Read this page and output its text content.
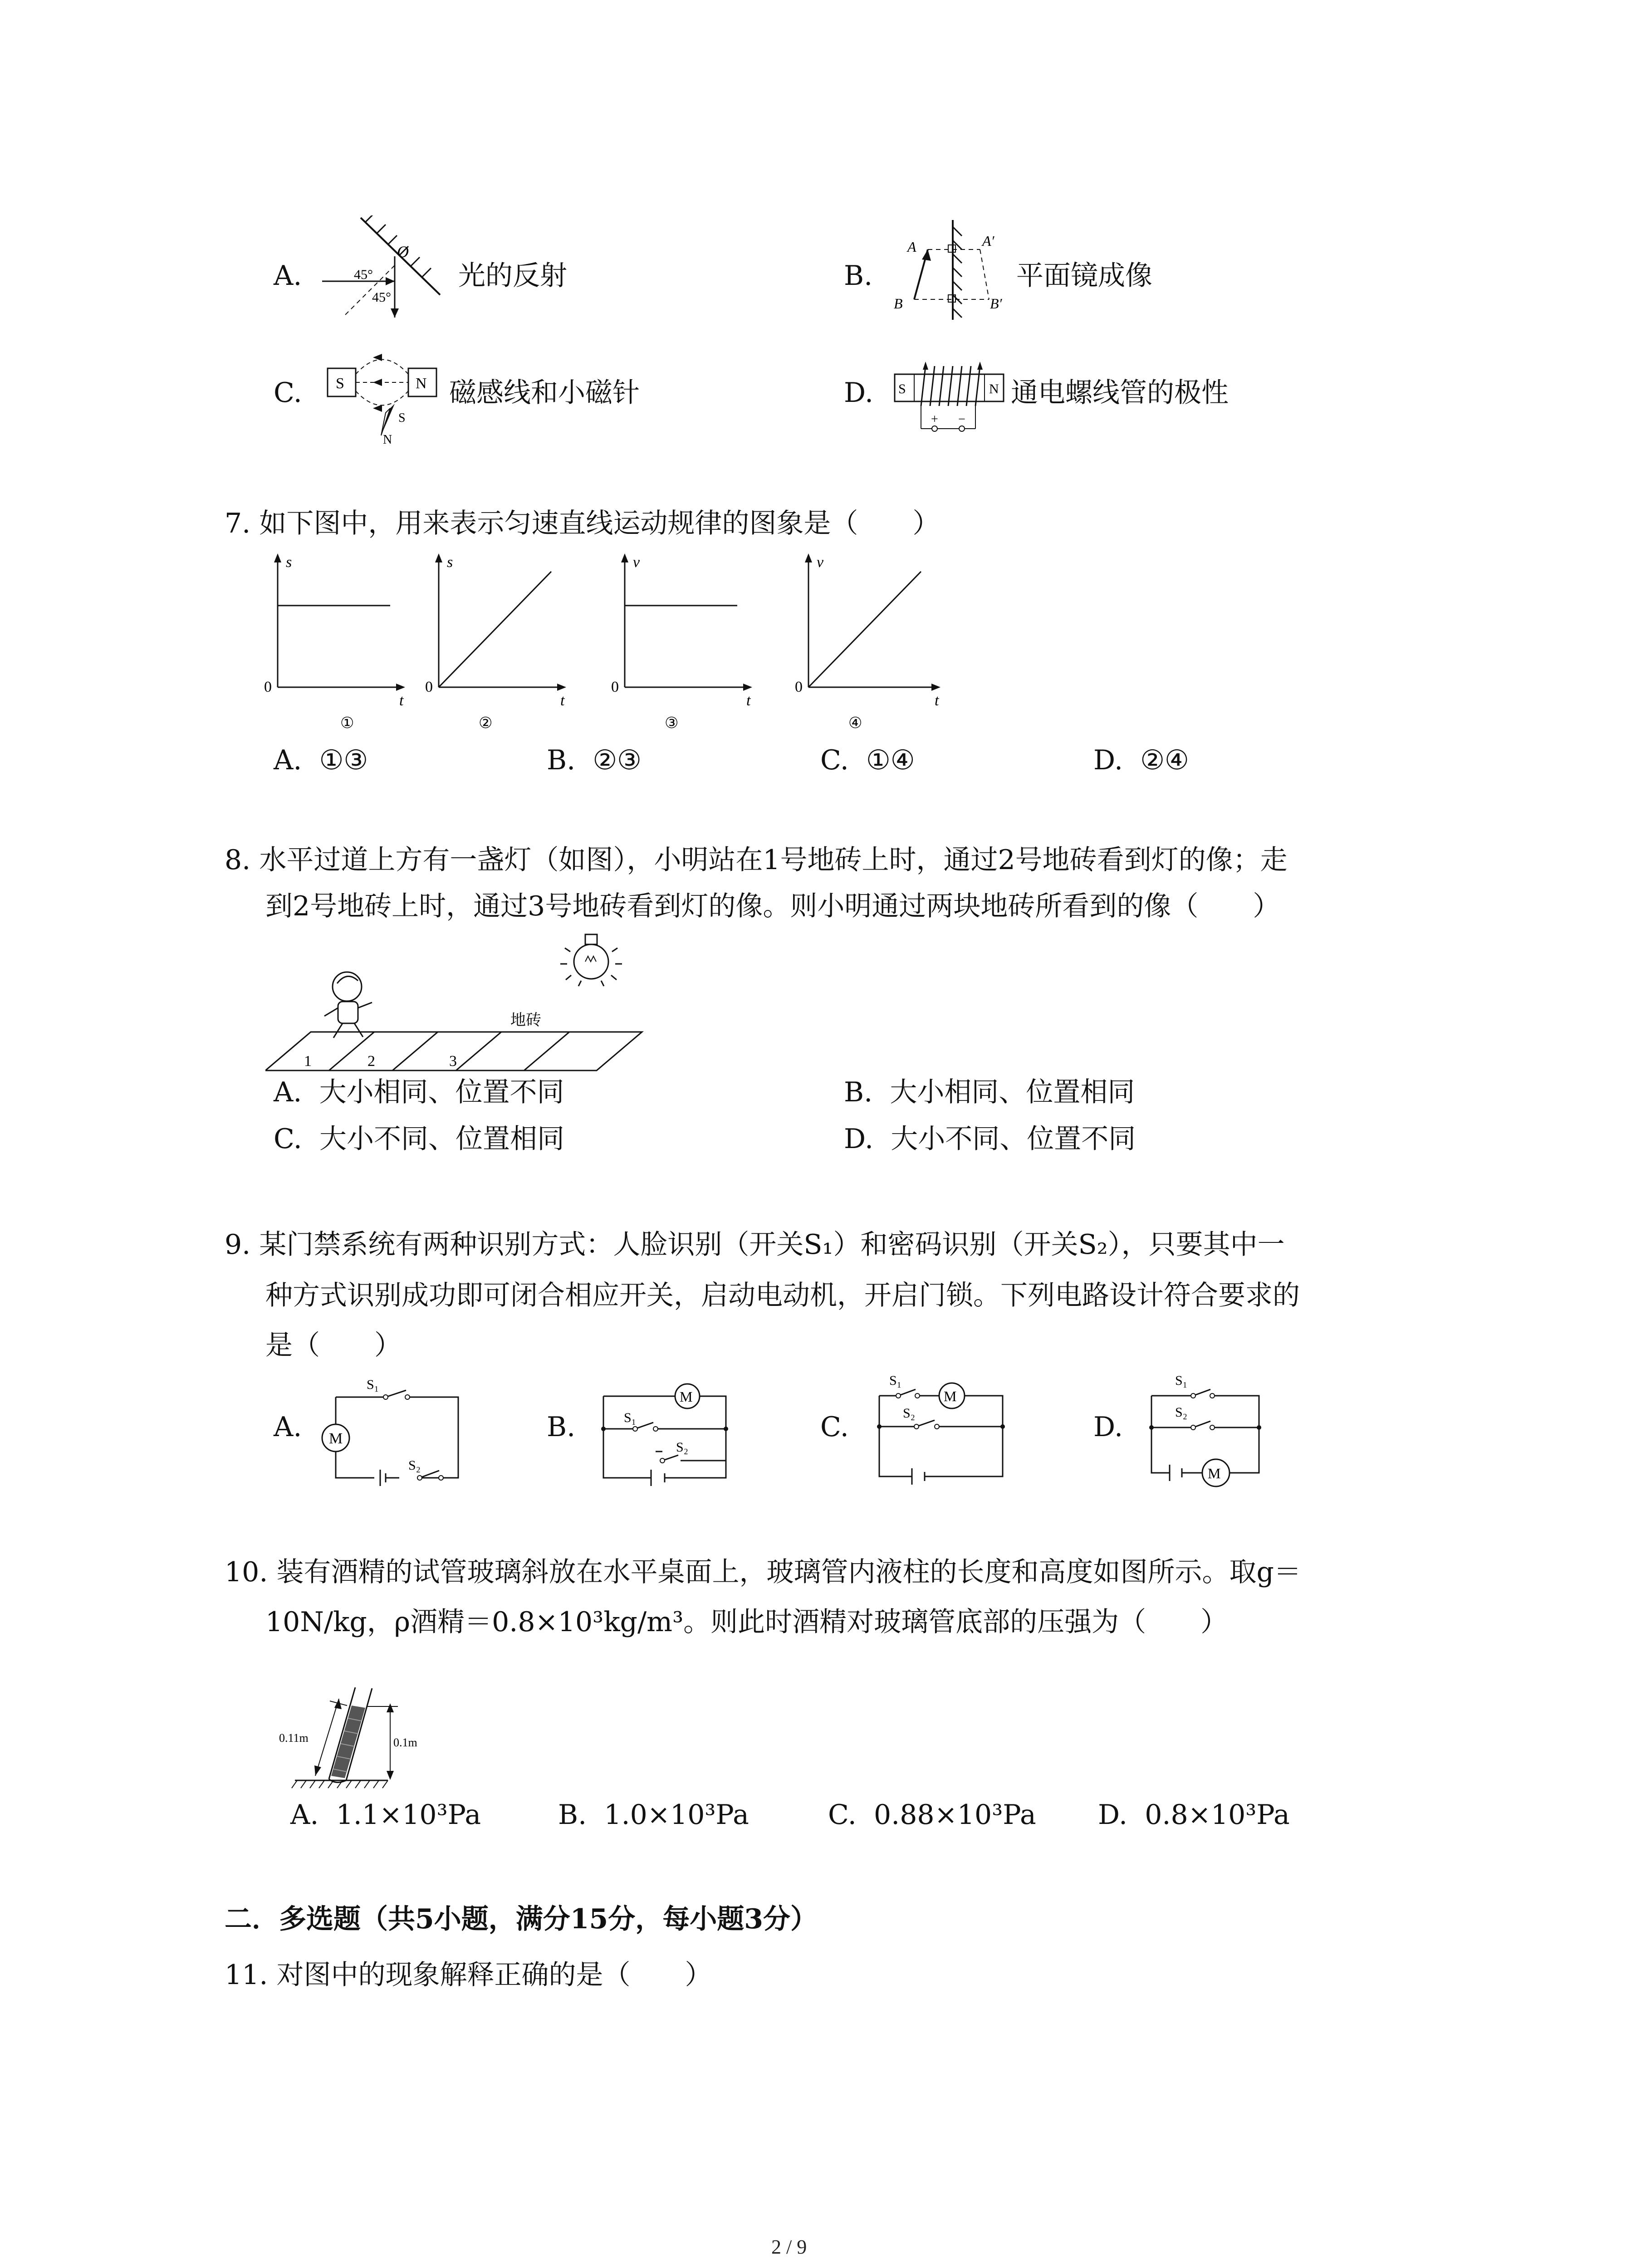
A.
O
45°
45°
光的反射	B.
A	A′
B	B′
平面镜成像
C. S	N
S
N
磁感线和小磁针	D. S	N
+ −
通电螺线管的极性
7. 如下图中，用来表示匀速直线运动规律的图象是（　　）
s
t
0
①
s
t
0
②
v
t
0
③
v
t
0
④
A. ①③	B. ②③	C. ①④	D. ②④
8. 水平过道上方有一盏灯（如图），小明站在1号地砖上时，通过2号地砖看到灯的像；走
到2号地砖上时，通过3号地砖看到灯的像。则小明通过两块地砖所看到的像（　　）
1	2	3
地砖
A. 大小相同、位置不同	B. 大小相同、位置相同
C. 大小不同、位置相同	D. 大小不同、位置不同
9. 某门禁系统有两种识别方式：人脸识别（开关S₁）和密码识别（开关S₂），只要其中一
种方式识别成功即可闭合相应开关，启动电动机，开启门锁。下列电路设计符合要求的
是（　　）
A. M
S₁
S₂
B.
M
S₁
S₂
C.
M
S₁
S₂	D.
M
S₁
S₂
10. 装有酒精的试管玻璃斜放在水平桌面上，玻璃管内液柱的长度和高度如图所示。取g＝
10N/kg，ρ酒精＝0.8×10³kg/m³。则此时酒精对玻璃管底部的压强为（　　）
0.11m	0.1m
A. 1.1×10³Pa	B. 1.0×10³Pa	C. 0.88×10³Pa D. 0.8×10³Pa
二．多选题（共5小题，满分15分，每小题3分）
11. 对图中的现象解释正确的是（　　）
2 / 9
